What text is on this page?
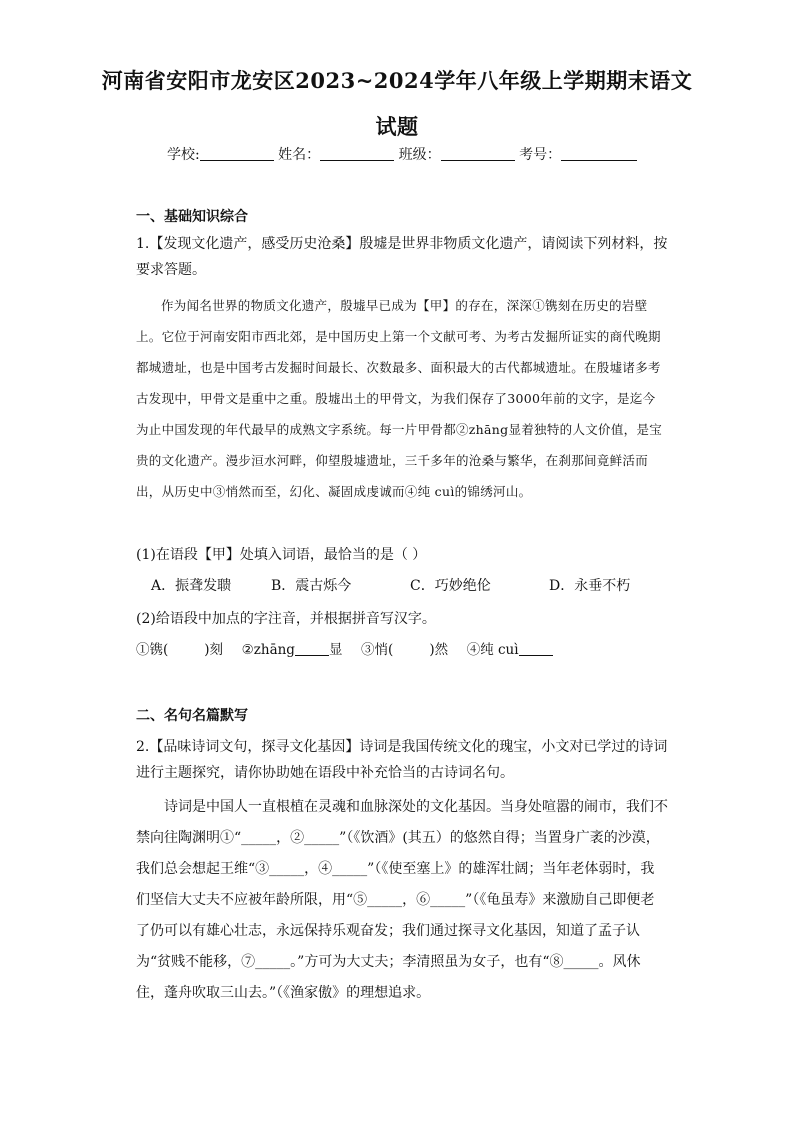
河南省安阳市龙安区2023~2024学年八年级上学期期末语文
试题
学校:	姓名：	班级：	考号：
一、基础知识综合
1.【发现文化遗产，感受历史沧桑】殷墟是世界非物质文化遗产，请阅读下列材料，按要求答题。
作为闻名世界的物质文化遗产，殷墟早已成为【甲】的存在，深深①镌刻在历史的岩壁上。它位于河南安阳市西北郊，是中国历史上第一个文献可考、为考古发掘所证实的商代晚期都城遗址，也是中国考古发掘时间最长、次数最多、面积最大的古代都城遗址。在殷墟诸多考古发现中，甲骨文是重中之重。殷墟出土的甲骨文，为我们保存了3000年前的文字，是迄今为止中国发现的年代最早的成熟文字系统。每一片甲骨都②zhāng显着独特的人文价值，是宝贵的文化遗产。漫步洹水河畔，仰望殷墟遗址，三千多年的沧桑与繁华，在刹那间竟鲜活而出，从历史中③悄然而至，幻化、凝固成虔诚而④纯 cuì的锦绣河山。
(1)在语段【甲】处填入词语，最恰当的是（ ）
A．振聋发聩	B．震古烁今	C．巧妙绝伦	D．永垂不朽
(2)给语段中加点的字注音，并根据拼音写汉字。
①镌(	)刻 ②zhāng	显 ③悄(	)然 ④纯 cuì
二、名句名篇默写
2.【品味诗词文句，探寻文化基因】诗词是我国传统文化的瑰宝，小文对已学过的诗词进行主题探究，请你协助她在语段中补充恰当的古诗词名句。
诗词是中国人一直根植在灵魂和血脉深处的文化基因。当身处喧嚣的闹市，我们不禁向往陶渊明①“_____，②_____”（《饮酒》(其五）的悠然自得；当置身广袤的沙漠，我们总会想起王维“③_____，④_____”（《使至塞上》的雄浑壮阔；当年老体弱时，我们坚信大丈夫不应被年龄所限，用“⑤_____，⑥_____”（《龟虽寿》来激励自己即便老了仍可以有雄心壮志，永远保持乐观奋发；我们通过探寻文化基因，知道了孟子认为“贫贱不能移，⑦_____。”方可为大丈夫；李清照虽为女子，也有“⑧_____。风休住，蓬舟吹取三山去。”（《渔家傲》的理想追求。
